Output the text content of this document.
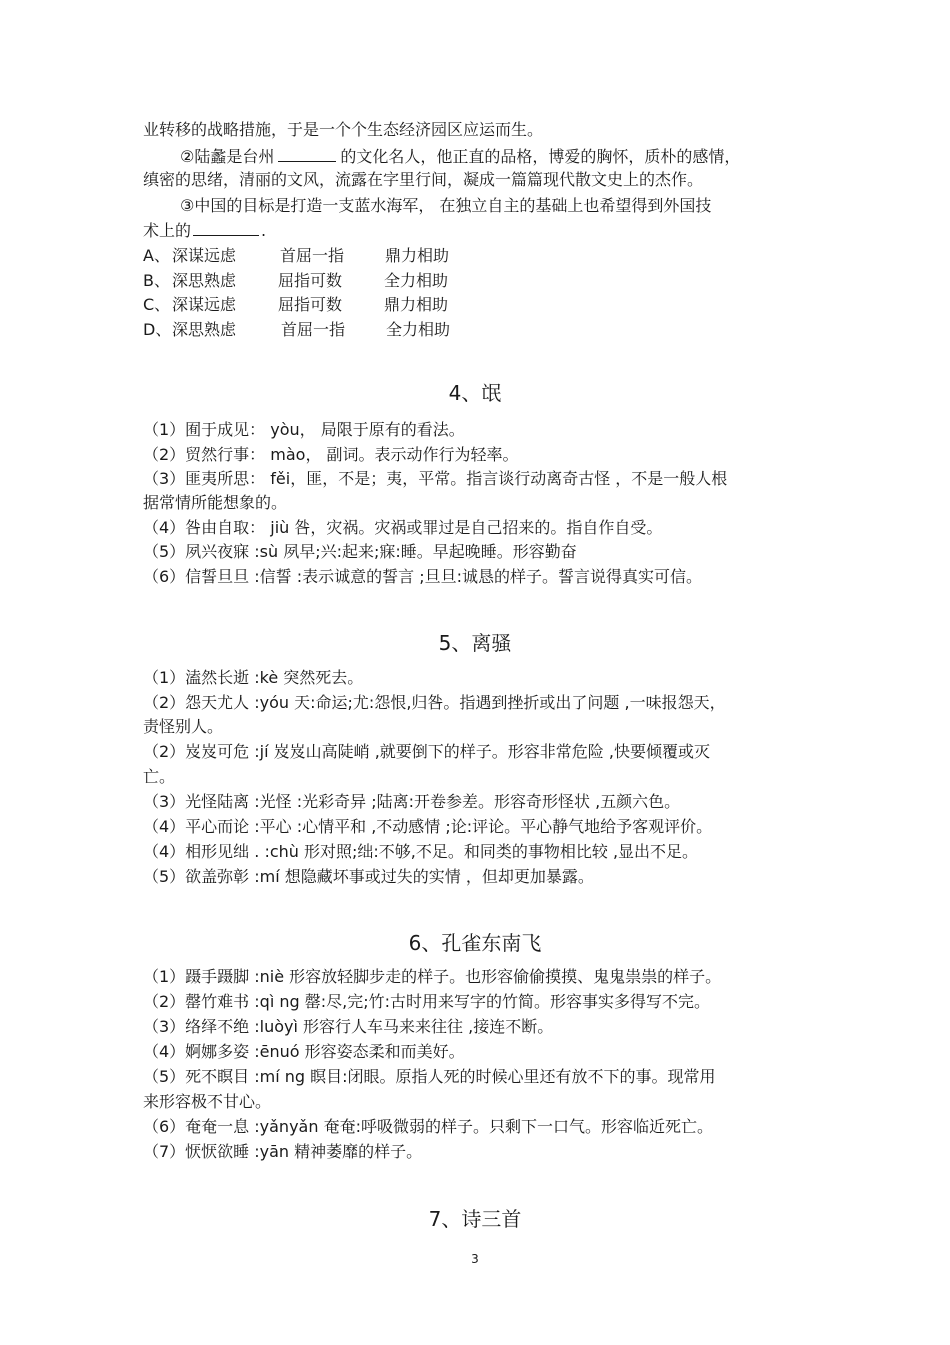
业转移的战略措施，于是一个个生态经济园区应运而生。
②陆蠡是台州	的文化名人，他正直的品格，博爱的胸怀，质朴的感情，
缜密的思绪，清丽的文风，流露在字里行间，凝成一篇篇现代散文史上的杰作。
③中国的目标是打造一支蓝水海军， 在独立自主的基础上也希望得到外国技
术上的	.
A、 深谋远虑	首屈一指	鼎力相助
B、 深思熟虑	屈指可数	全力相助
C、 深谋远虑	屈指可数	鼎力相助
D、 深思熟虑	首屈一指	全力相助
4、氓
（1）囿于成见： yòu， 局限于原有的看法。
（2）贸然行事： mào， 副词。表示动作行为轻率。
（3）匪夷所思： fěi，匪，不是；夷，平常。指言谈行动离奇古怪 ，不是一般人根
据常情所能想象的。
（4）咎由自取： jiù 咎，灾祸。灾祸或罪过是自己招来的。指自作自受。
（5）夙兴夜寐 :sù 夙早;兴:起来;寐:睡。早起晚睡。形容勤奋
（6）信誓旦旦 :信誓 :表示诚意的誓言 ;旦旦:诚恳的样子。誓言说得真实可信。
5、离骚
（1）溘然长逝 :kè 突然死去。
（2）怨天尤人 :yóu 天:命运;尤:怨恨,归咎。指遇到挫折或出了问题 ,一味报怨天，
责怪别人。
（2）岌岌可危 :jí 岌岌山高陡峭 ,就要倒下的样子。形容非常危险 ,快要倾覆或灭
亡。
（3）光怪陆离 :光怪 :光彩奇异 ;陆离:开卷参差。形容奇形怪状 ,五颜六色。
（4）平心而论 :平心 :心情平和 ,不动感情 ;论:评论。平心静气地给予客观评价。
（4）相形见绌 . :chù 形对照;绌:不够,不足。和同类的事物相比较 ,显出不足。
（5）欲盖弥彰 :mí 想隐藏坏事或过失的实情 ，但却更加暴露。
6、孔雀东南飞
（1）蹑手蹑脚 :niè 形容放轻脚步走的样子。也形容偷偷摸摸、鬼鬼祟祟的样子。
（2）罄竹难书 :qì ng 罄:尽,完;竹:古时用来写字的竹简。形容事实多得写不完。
（3）络绎不绝 :luòyì 形容行人车马来来往往 ,接连不断。
（4）婀娜多姿 :ēnuó 形容姿态柔和而美好。
（5）死不瞑目 :mí ng 瞑目:闭眼。原指人死的时候心里还有放不下的事。现常用
来形容极不甘心。
（6）奄奄一息 :yǎnyǎn 奄奄:呼吸微弱的样子。只剩下一口气。形容临近死亡。
（7）恹恹欲睡 :yān 精神萎靡的样子。
7、诗三首
3
